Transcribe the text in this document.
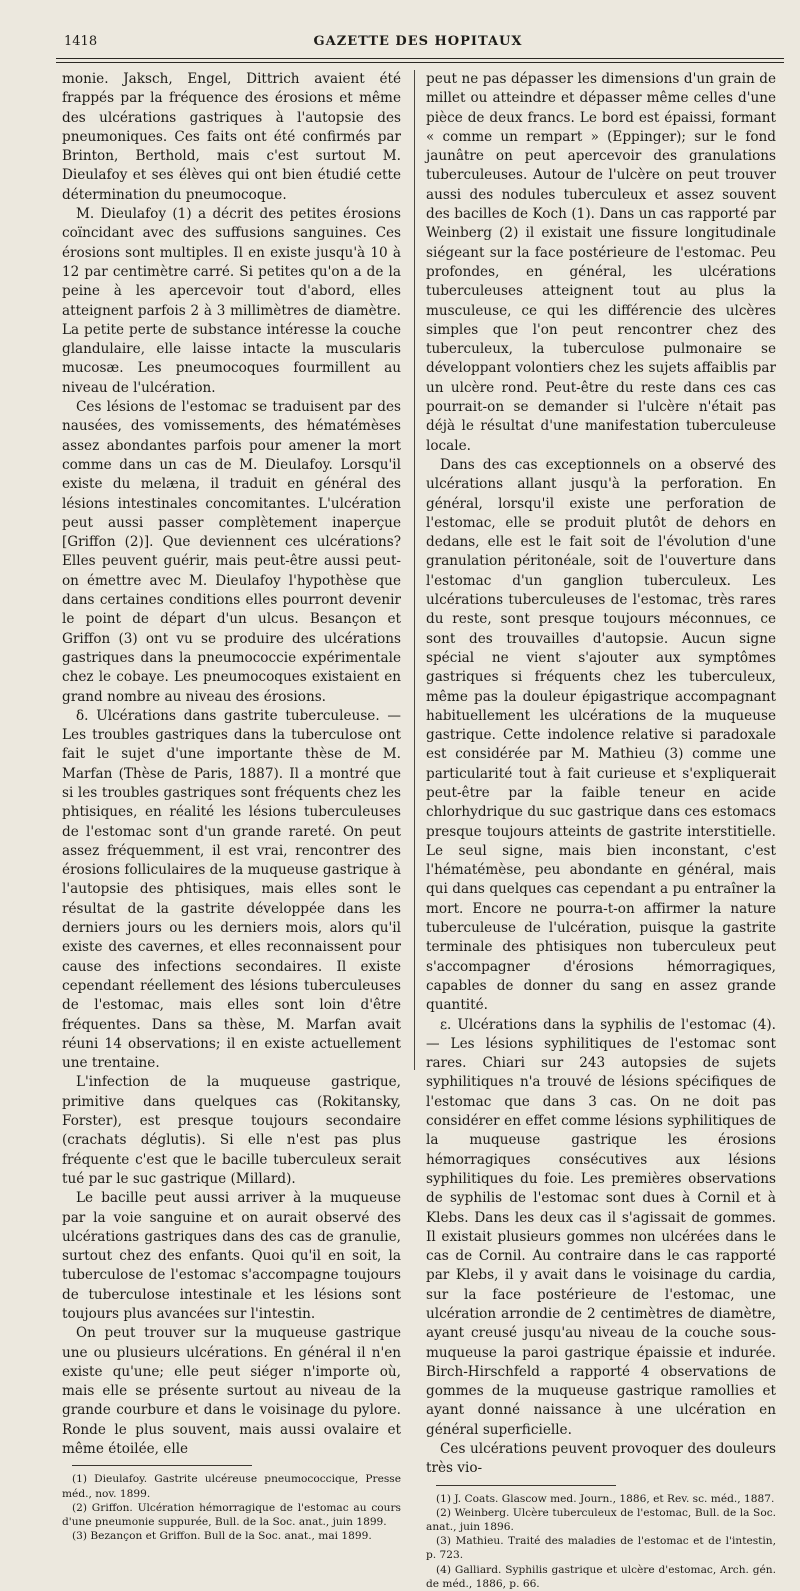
1418	GAZETTE DES HOPITAUX

monie. Jaksch, Engel, Dittrich avaient été frappés par la fréquence des érosions et même des ulcérations gastriques à l'autopsie des pneumoniques. Ces faits ont été confirmés par Brinton, Berthold, mais c'est surtout M. Dieulafoy et ses élèves qui ont bien étudié cette détermination du pneumocoque.

M. Dieulafoy (1) a décrit des petites érosions coïncidant avec des suffusions sanguines. Ces érosions sont multiples. Il en existe jusqu'à 10 à 12 par centimètre carré. Si petites qu'on a de la peine à les apercevoir tout d'abord, elles atteignent parfois 2 à 3 millimètres de diamètre. La petite perte de substance intéresse la couche glandulaire, elle laisse intacte la muscularis mucosæ. Les pneumocoques fourmillent au niveau de l'ulcération.

Ces lésions de l'estomac se traduisent par des nausées, des vomissements, des hématémèses assez abondantes parfois pour amener la mort comme dans un cas de M. Dieulafoy. Lorsqu'il existe du melæna, il traduit en général des lésions intestinales concomitantes. L'ulcération peut aussi passer complètement inaperçue [Griffon (2)]. Que deviennent ces ulcérations? Elles peuvent guérir, mais peut-être aussi peut-on émettre avec M. Dieulafoy l'hypothèse que dans certaines conditions elles pourront devenir le point de départ d'un ulcus. Besançon et Griffon (3) ont vu se produire des ulcérations gastriques dans la pneumococcie expérimentale chez le cobaye. Les pneumocoques existaient en grand nombre au niveau des érosions.

δ. Ulcérations dans gastrite tuberculeuse. — Les troubles gastriques dans la tuberculose ont fait le sujet d'une importante thèse de M. Marfan (Thèse de Paris, 1887). Il a montré que si les troubles gastriques sont fréquents chez les phtisiques, en réalité les lésions tuberculeuses de l'estomac sont d'un grande rareté. On peut assez fréquemment, il est vrai, rencontrer des érosions folliculaires de la muqueuse gastrique à l'autopsie des phtisiques, mais elles sont le résultat de la gastrite développée dans les derniers jours ou les derniers mois, alors qu'il existe des cavernes, et elles reconnaissent pour cause des infections secondaires. Il existe cependant réellement des lésions tuberculeuses de l'estomac, mais elles sont loin d'être fréquentes. Dans sa thèse, M. Marfan avait réuni 14 observations; il en existe actuellement une trentaine.

L'infection de la muqueuse gastrique, primitive dans quelques cas (Rokitansky, Forster), est presque toujours secondaire (crachats déglutis). Si elle n'est pas plus fréquente c'est que le bacille tuberculeux serait tué par le suc gastrique (Millard).

Le bacille peut aussi arriver à la muqueuse par la voie sanguine et on aurait observé des ulcérations gastriques dans des cas de granulie, surtout chez des enfants. Quoi qu'il en soit, la tuberculose de l'estomac s'accompagne toujours de tuberculose intestinale et les lésions sont toujours plus avancées sur l'intestin.

On peut trouver sur la muqueuse gastrique une ou plusieurs ulcérations. En général il n'en existe qu'une; elle peut siéger n'importe où, mais elle se présente surtout au niveau de la grande courbure et dans le voisinage du pylore. Ronde le plus souvent, mais aussi ovalaire et même étoilée, elle

(1) Dieulafoy. Gastrite ulcéreuse pneumococcique, Presse méd., nov. 1899.

(2) Griffon. Ulcération hémorragique de l'estomac au cours d'une pneumonie suppurée, Bull. de la Soc. anat., juin 1899.

(3) Bezançon et Griffon. Bull de la Soc. anat., mai 1899.

peut ne pas dépasser les dimensions d'un grain de millet ou atteindre et dépasser même celles d'une pièce de deux francs. Le bord est épaissi, formant « comme un rempart » (Eppinger); sur le fond jaunâtre on peut apercevoir des granulations tuberculeuses. Autour de l'ulcère on peut trouver aussi des nodules tuberculeux et assez souvent des bacilles de Koch (1). Dans un cas rapporté par Weinberg (2) il existait une fissure longitudinale siégeant sur la face postérieure de l'estomac. Peu profondes, en général, les ulcérations tuberculeuses atteignent tout au plus la musculeuse, ce qui les différencie des ulcères simples que l'on peut rencontrer chez des tuberculeux, la tuberculose pulmonaire se développant volontiers chez les sujets affaiblis par un ulcère rond. Peut-être du reste dans ces cas pourrait-on se demander si l'ulcère n'était pas déjà le résultat d'une manifestation tuberculeuse locale.

Dans des cas exceptionnels on a observé des ulcérations allant jusqu'à la perforation. En général, lorsqu'il existe une perforation de l'estomac, elle se produit plutôt de dehors en dedans, elle est le fait soit de l'évolution d'une granulation péritonéale, soit de l'ouverture dans l'estomac d'un ganglion tuberculeux. Les ulcérations tuberculeuses de l'estomac, très rares du reste, sont presque toujours méconnues, ce sont des trouvailles d'autopsie. Aucun signe spécial ne vient s'ajouter aux symptômes gastriques si fréquents chez les tuberculeux, même pas la douleur épigastrique accompagnant habituellement les ulcérations de la muqueuse gastrique. Cette indolence relative si paradoxale est considérée par M. Mathieu (3) comme une particularité tout à fait curieuse et s'expliquerait peut-être par la faible teneur en acide chlorhydrique du suc gastrique dans ces estomacs presque toujours atteints de gastrite interstitielle. Le seul signe, mais bien inconstant, c'est l'hématémèse, peu abondante en général, mais qui dans quelques cas cependant a pu entraîner la mort. Encore ne pourra-t-on affirmer la nature tuberculeuse de l'ulcération, puisque la gastrite terminale des phtisiques non tuberculeux peut s'accompagner d'érosions hémorragiques, capables de donner du sang en assez grande quantité.

ε. Ulcérations dans la syphilis de l'estomac (4). — Les lésions syphilitiques de l'estomac sont rares. Chiari sur 243 autopsies de sujets syphilitiques n'a trouvé de lésions spécifiques de l'estomac que dans 3 cas. On ne doit pas considérer en effet comme lésions syphilitiques de la muqueuse gastrique les érosions hémorragiques consécutives aux lésions syphilitiques du foie. Les premières observations de syphilis de l'estomac sont dues à Cornil et à Klebs. Dans les deux cas il s'agissait de gommes. Il existait plusieurs gommes non ulcérées dans le cas de Cornil. Au contraire dans le cas rapporté par Klebs, il y avait dans le voisinage du cardia, sur la face postérieure de l'estomac, une ulcération arrondie de 2 centimètres de diamètre, ayant creusé jusqu'au niveau de la couche sous-muqueuse la paroi gastrique épaissie et indurée. Birch-Hirschfeld a rapporté 4 observations de gommes de la muqueuse gastrique ramollies et ayant donné naissance à une ulcération en général superficielle.

Ces ulcérations peuvent provoquer des douleurs très vio-

(1) J. Coats. Glascow med. Journ., 1886, et Rev. sc. méd., 1887.

(2) Weinberg. Ulcère tuberculeux de l'estomac, Bull. de la Soc. anat., juin 1896.

(3) Mathieu. Traité des maladies de l'estomac et de l'intestin, p. 723.

(4) Galliard. Syphilis gastrique et ulcère d'estomac, Arch. gén. de méd., 1886, p. 66.
